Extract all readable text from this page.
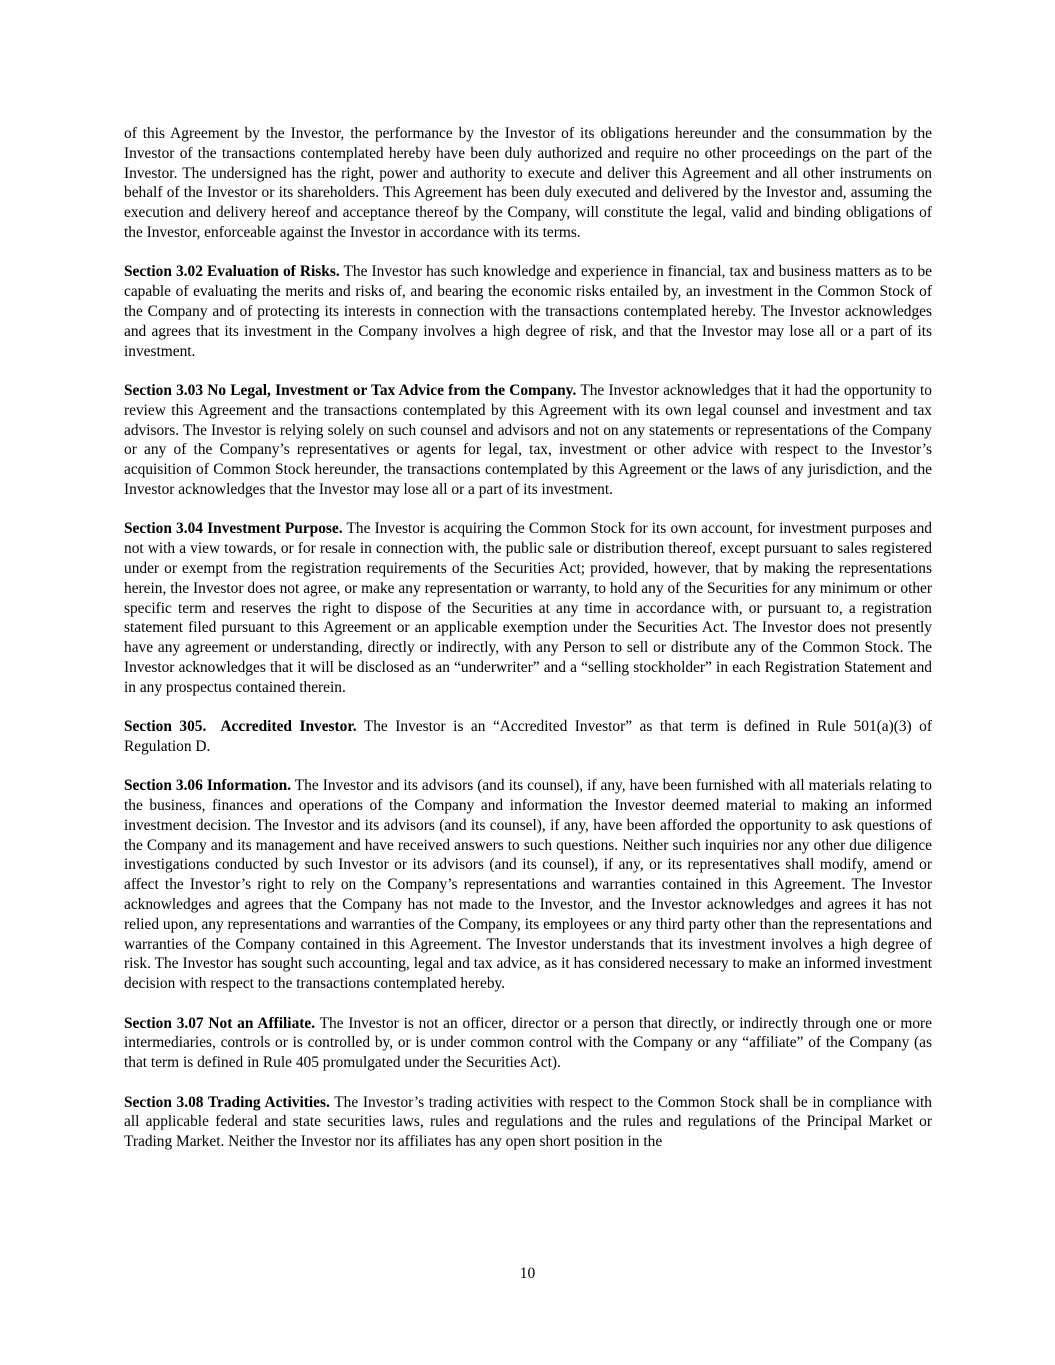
of this Agreement by the Investor, the performance by the Investor of its obligations hereunder and the consummation by the Investor of the transactions contemplated hereby have been duly authorized and require no other proceedings on the part of the Investor. The undersigned has the right, power and authority to execute and deliver this Agreement and all other instruments on behalf of the Investor or its shareholders. This Agreement has been duly executed and delivered by the Investor and, assuming the execution and delivery hereof and acceptance thereof by the Company, will constitute the legal, valid and binding obligations of the Investor, enforceable against the Investor in accordance with its terms.

Section 3.02 Evaluation of Risks. The Investor has such knowledge and experience in financial, tax and business matters as to be capable of evaluating the merits and risks of, and bearing the economic risks entailed by, an investment in the Common Stock of the Company and of protecting its interests in connection with the transactions contemplated hereby. The Investor acknowledges and agrees that its investment in the Company involves a high degree of risk, and that the Investor may lose all or a part of its investment.

Section 3.03 No Legal, Investment or Tax Advice from the Company. The Investor acknowledges that it had the opportunity to review this Agreement and the transactions contemplated by this Agreement with its own legal counsel and investment and tax advisors. The Investor is relying solely on such counsel and advisors and not on any statements or representations of the Company or any of the Company’s representatives or agents for legal, tax, investment or other advice with respect to the Investor’s acquisition of Common Stock hereunder, the transactions contemplated by this Agreement or the laws of any jurisdiction, and the Investor acknowledges that the Investor may lose all or a part of its investment.

Section 3.04 Investment Purpose. The Investor is acquiring the Common Stock for its own account, for investment purposes and not with a view towards, or for resale in connection with, the public sale or distribution thereof, except pursuant to sales registered under or exempt from the registration requirements of the Securities Act; provided, however, that by making the representations herein, the Investor does not agree, or make any representation or warranty, to hold any of the Securities for any minimum or other specific term and reserves the right to dispose of the Securities at any time in accordance with, or pursuant to, a registration statement filed pursuant to this Agreement or an applicable exemption under the Securities Act. The Investor does not presently have any agreement or understanding, directly or indirectly, with any Person to sell or distribute any of the Common Stock. The Investor acknowledges that it will be disclosed as an “underwriter” and a “selling stockholder” in each Registration Statement and in any prospectus contained therein.

Section 305.  Accredited Investor. The Investor is an “Accredited Investor” as that term is defined in Rule 501(a)(3) of Regulation D.

Section 3.06 Information. The Investor and its advisors (and its counsel), if any, have been furnished with all materials relating to the business, finances and operations of the Company and information the Investor deemed material to making an informed investment decision. The Investor and its advisors (and its counsel), if any, have been afforded the opportunity to ask questions of the Company and its management and have received answers to such questions. Neither such inquiries nor any other due diligence investigations conducted by such Investor or its advisors (and its counsel), if any, or its representatives shall modify, amend or affect the Investor’s right to rely on the Company’s representations and warranties contained in this Agreement. The Investor acknowledges and agrees that the Company has not made to the Investor, and the Investor acknowledges and agrees it has not relied upon, any representations and warranties of the Company, its employees or any third party other than the representations and warranties of the Company contained in this Agreement. The Investor understands that its investment involves a high degree of risk. The Investor has sought such accounting, legal and tax advice, as it has considered necessary to make an informed investment decision with respect to the transactions contemplated hereby.

Section 3.07 Not an Affiliate. The Investor is not an officer, director or a person that directly, or indirectly through one or more intermediaries, controls or is controlled by, or is under common control with the Company or any “affiliate” of the Company (as that term is defined in Rule 405 promulgated under the Securities Act).

Section 3.08 Trading Activities. The Investor’s trading activities with respect to the Common Stock shall be in compliance with all applicable federal and state securities laws, rules and regulations and the rules and regulations of the Principal Market or Trading Market. Neither the Investor nor its affiliates has any open short position in the

10
